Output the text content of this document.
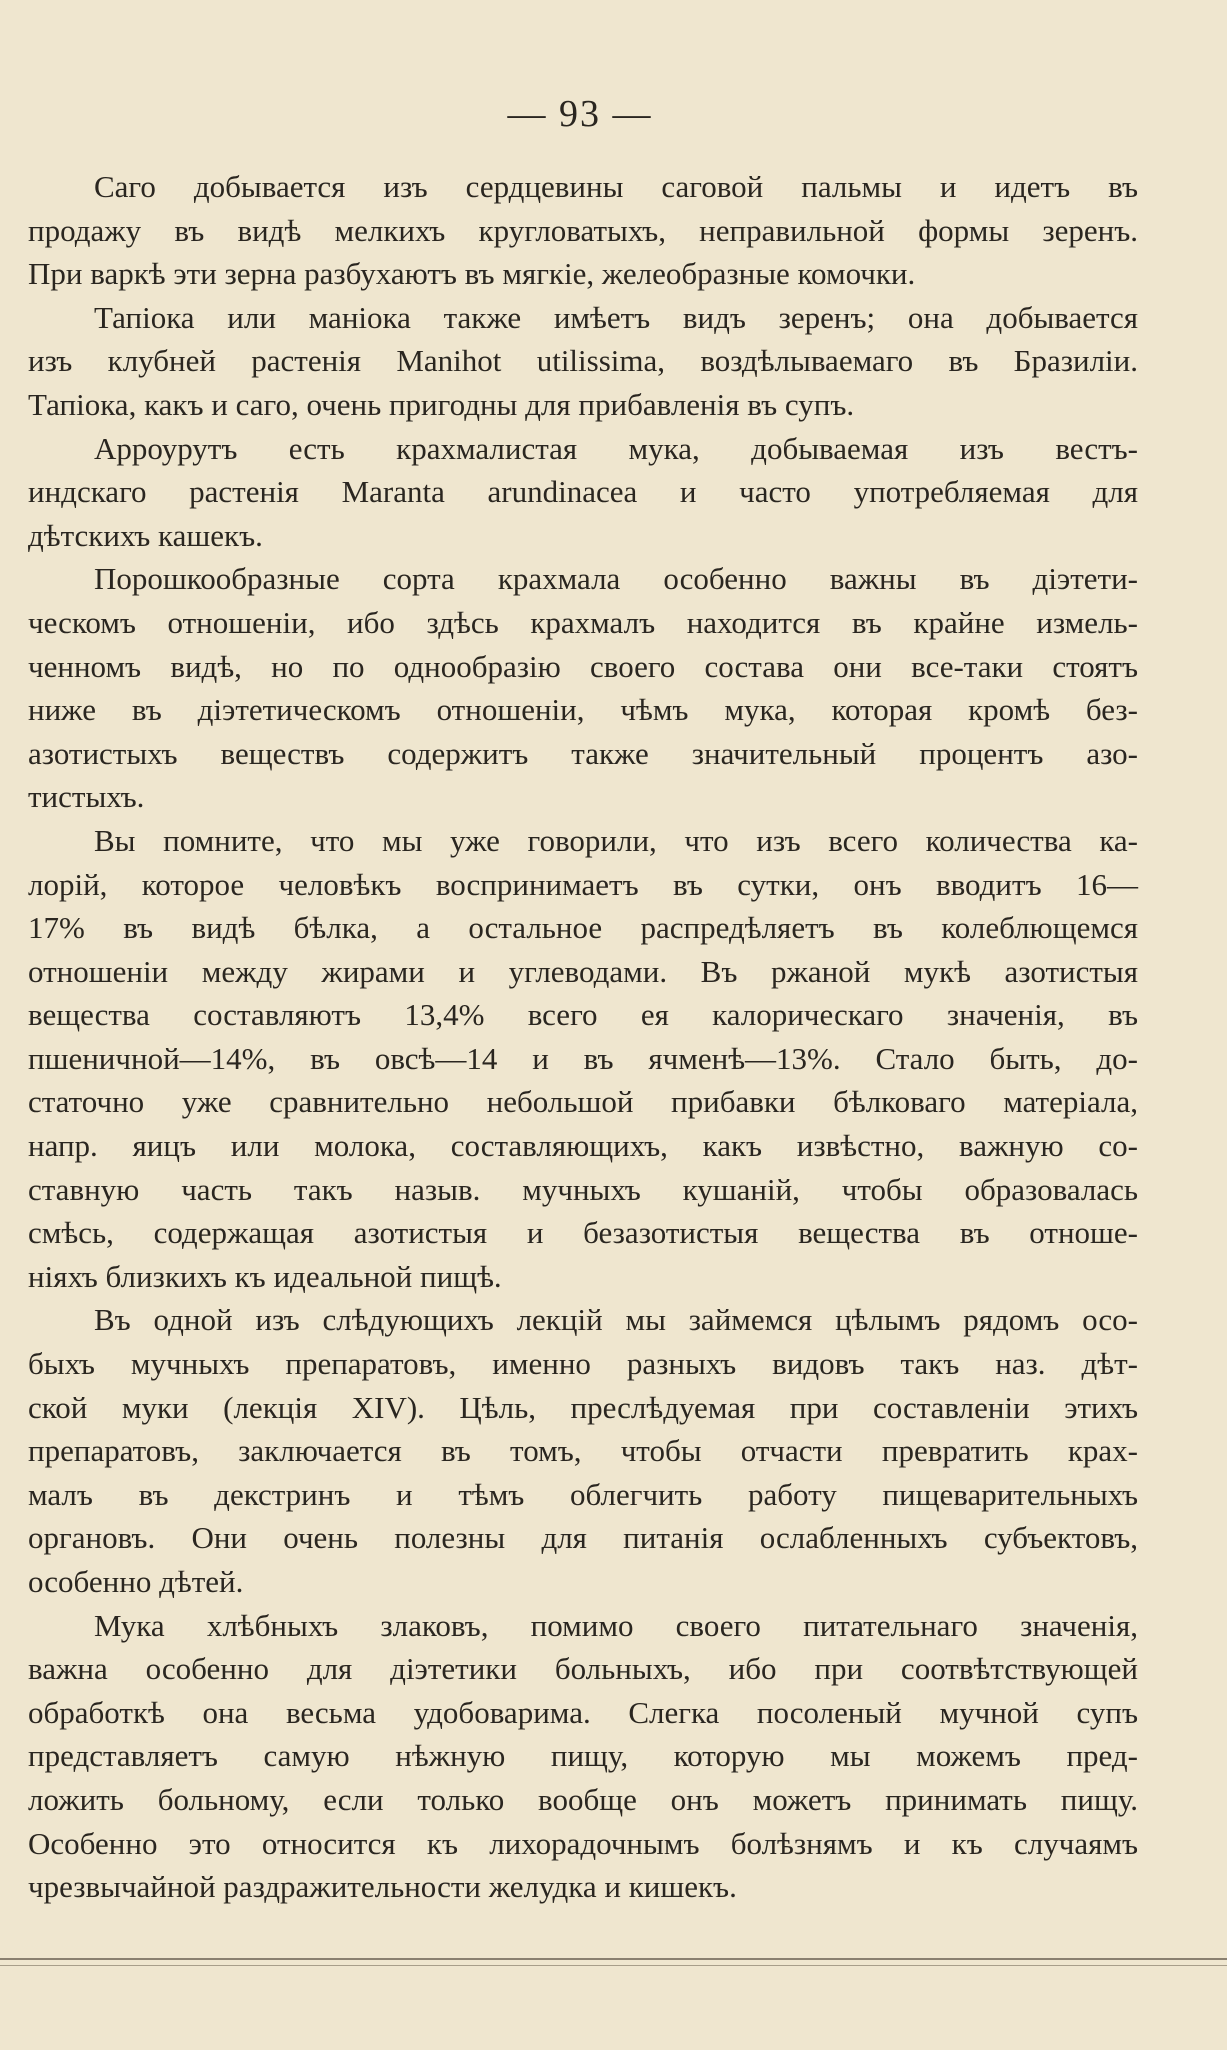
— 93 —
Саго добывается изъ сердцевины саговой пальмы и идетъ въ
продажу въ видѣ мелкихъ кругловатыхъ, неправильной формы зеренъ.
При варкѣ эти зерна разбухаютъ въ мягкiе, желеобразные комочки.
Тапiока или манiока также имѣетъ видъ зеренъ; она добывается
изъ клубней растенiя Manihot utilissima, воздѣлываемаго въ Бразилiи.
Тапiока, какъ и саго, очень пригодны для прибавленiя въ супъ.
Арроурутъ есть крахмалистая мука, добываемая изъ вестъ-
индскаго растенiя Maranta arundinacea и часто употребляемая для
дѣтскихъ кашекъ.
Порошкообразные сорта крахмала особенно важны въ дiэтети-
ческомъ отношенiи, ибо здѣсь крахмалъ находится въ крайне измель-
ченномъ видѣ, но по однообразiю своего состава они все-таки стоятъ
ниже въ дiэтетическомъ отношенiи, чѣмъ мука, которая кромѣ без-
азотистыхъ веществъ содержитъ также значительный процентъ азо-
тистыхъ.
Вы помните, что мы уже говорили, что изъ всего количества ка-
лорiй, которое человѣкъ воспринимаетъ въ сутки, онъ вводитъ 16—
17% въ видѣ бѣлка, а остальное распредѣляетъ въ колеблющемся
отношенiи между жирами и углеводами. Въ ржаной мукѣ азотистыя
вещества составляютъ 13,4% всего ея калорическаго значенiя, въ
пшеничной—14%, въ овсѣ—14 и въ ячменѣ—13%. Стало быть, до-
статочно уже сравнительно небольшой прибавки бѣлковаго матерiала,
напр. яицъ или молока, составляющихъ, какъ извѣстно, важную со-
ставную часть такъ назыв. мучныхъ кушанiй, чтобы образовалась
смѣсь, содержащая азотистыя и безазотистыя вещества въ отноше-
нiяхъ близкихъ къ идеальной пищѣ.
Въ одной изъ слѣдующихъ лекцiй мы займемся цѣлымъ рядомъ осо-
быхъ мучныхъ препаратовъ, именно разныхъ видовъ такъ наз. дѣт-
ской муки (лекцiя XIV). Цѣль, преслѣдуемая при составленiи этихъ
препаратовъ, заключается въ томъ, чтобы отчасти превратить крах-
малъ въ декстринъ и тѣмъ облегчить работу пищеварительныхъ
органовъ. Они очень полезны для питанiя ослабленныхъ субъектовъ,
особенно дѣтей.
Мука хлѣбныхъ злаковъ, помимо своего питательнаго значенiя,
важна особенно для дiэтетики больныхъ, ибо при соотвѣтствующей
обработкѣ она весьма удобоварима. Слегка посоленый мучной супъ
представляетъ самую нѣжную пищу, которую мы можемъ пред-
ложить больному, если только вообще онъ можетъ принимать пищу.
Особенно это относится къ лихорадочнымъ болѣзнямъ и къ случаямъ
чрезвычайной раздражительности желудка и кишекъ.
